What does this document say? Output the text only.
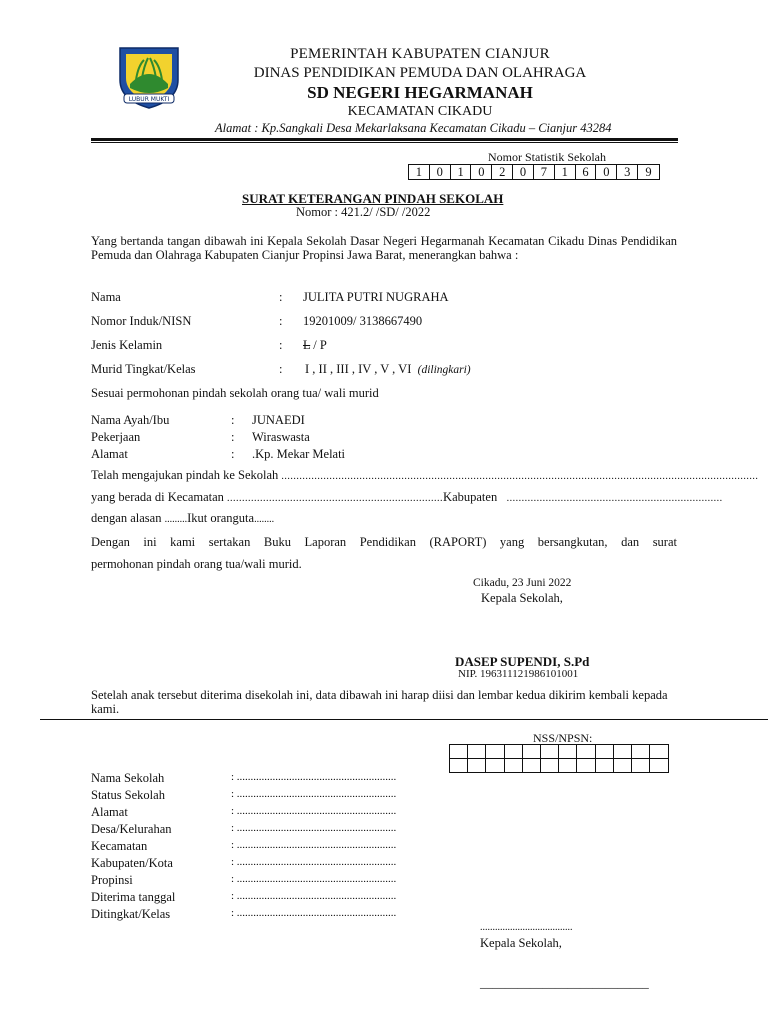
LUBUR MUKTI
PEMERINTAH KABUPATEN CIANJUR
DINAS PENDIDIKAN PEMUDA DAN OLAHRAGA
SD NEGERI HEGARMANAH
KECAMATAN CIKADU
Alamat : Kp.Sangkali Desa Mekarlaksana Kecamatan Cikadu – Cianjur 43284
Nomor Statistik Sekolah
1	0	1	0	2	0	7	1	6	0	3	9
SURAT KETERANGAN PINDAH SEKOLAH
Nomor : 421.2/ /SD/ /2022
Yang bertanda tangan dibawah ini Kepala Sekolah Dasar Negeri Hegarmanah Kecamatan Cikadu Dinas Pendidikan Pemuda dan Olahraga Kabupaten Cianjur Propinsi Jawa Barat, menerangkan bahwa :
Nama	: JULITA PUTRI NUGRAHA
Nomor Induk/NISN	: 19201009/ 3138667490
Jenis Kelamin	: L / P
Murid Tingkat/Kelas	: I , II , III , IV , V , VI (dilingkari)
Sesuai permohonan pindah sekolah orang tua/ wali murid
Nama Ayah/Ibu	: JUNAEDI
Pekerjaan	: Wiraswasta
Alamat	: .Kp. Mekar Melati
Telah mengajukan pindah ke Sekolah
...............................................................................................................................................................
yang berada di Kecamatan
........................................................................ Kabupaten
........................................................................
dengan alasan .........Ikut oranguta........
Dengan ini kami sertakan Buku Laporan Pendidikan (RAPORT) yang bersangkutan, dan surat
permohonan pindah orang tua/wali murid.
Cikadu, 23 Juni 2022
Kepala Sekolah,
DASEP SUPENDI, S.Pd
NIP. 196311121986101001
Setelah anak tersebut diterima disekolah ini, data dibawah ini harap diisi dan lembar kedua dikirim kembali kepada kami.
NSS/NPSN:
Nama Sekolah	: ..........................................................
Status Sekolah	: ..........................................................
Alamat	: ..........................................................
Desa/Kelurahan	: ..........................................................
Kecamatan	: ..........................................................
Kabupaten/Kota	: ..........................................................
Propinsi	: ..........................................................
Diterima tanggal	: ..........................................................
Ditingkat/Kelas	: ..........................................................
.....................................
Kepala Sekolah,
___________________________
